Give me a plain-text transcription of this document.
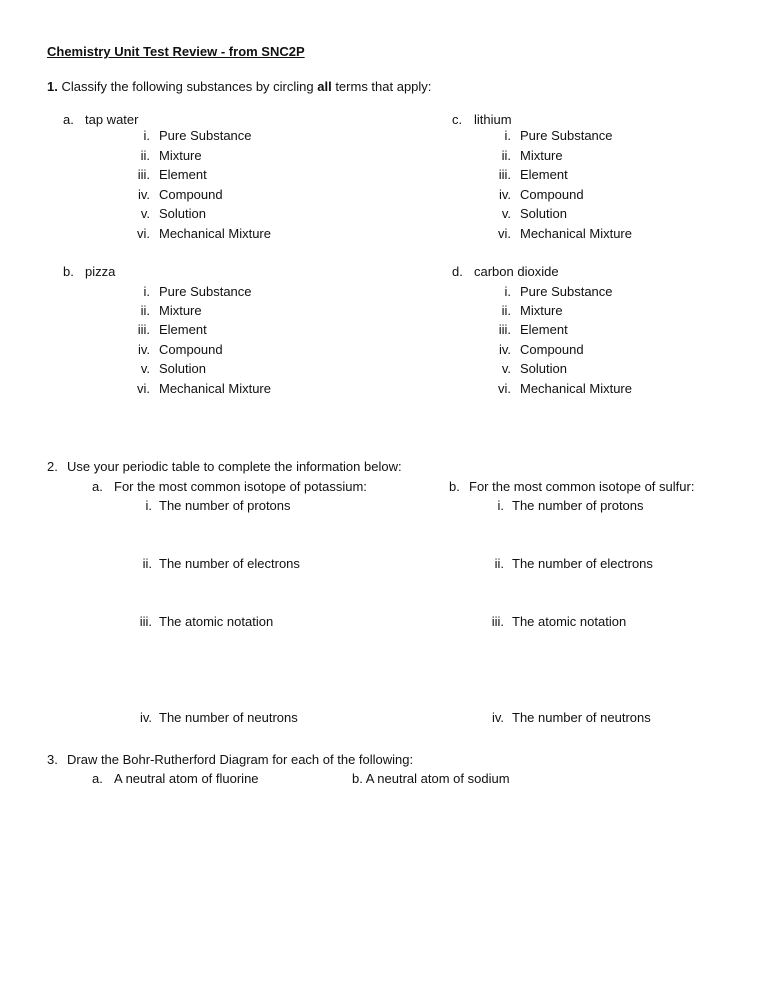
Chemistry Unit Test Review - from SNC2P
1. Classify the following substances by circling all terms that apply:
a. tap water
i. Pure Substance
ii. Mixture
iii. Element
iv. Compound
v. Solution
vi. Mechanical Mixture
c. lithium
i. Pure Substance
ii. Mixture
iii. Element
iv. Compound
v. Solution
vi. Mechanical Mixture
b. pizza
i. Pure Substance
ii. Mixture
iii. Element
iv. Compound
v. Solution
vi. Mechanical Mixture
d. carbon dioxide
i. Pure Substance
ii. Mixture
iii. Element
iv. Compound
v. Solution
vi. Mechanical Mixture
2. Use your periodic table to complete the information below:
a. For the most common isotope of potassium:	b. For the most common isotope of sulfur:
i. The number of protons
ii. The number of electrons
iii. The atomic notation
iv. The number of neutrons
i. The number of protons
ii. The number of electrons
iii. The atomic notation
iv. The number of neutrons
3. Draw the Bohr-Rutherford Diagram for each of the following:
a. A neutral atom of fluorine	b. A neutral atom of sodium
